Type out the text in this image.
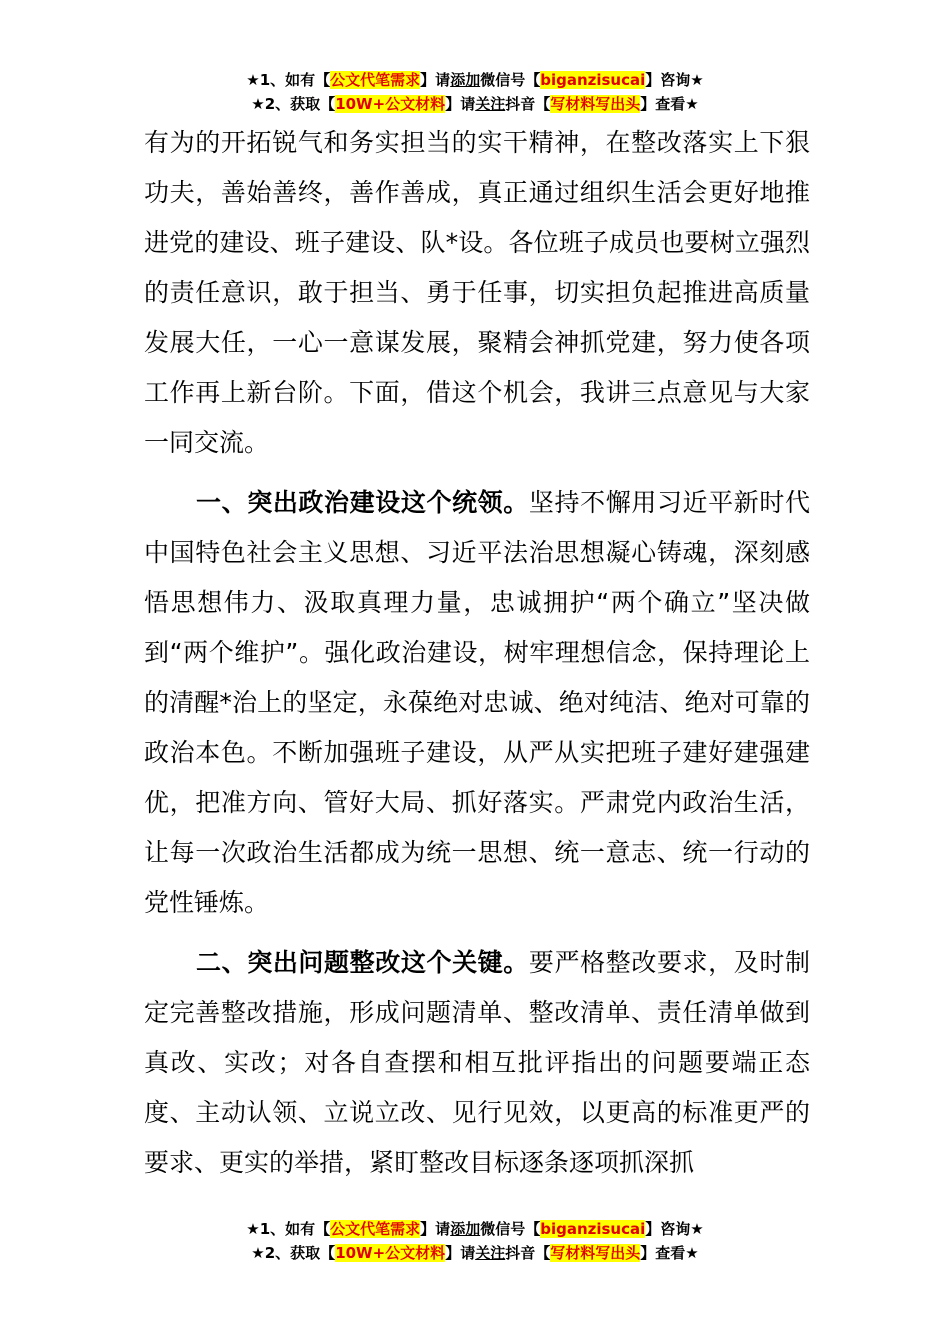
★1、如有【公文代笔需求】请添加微信号【biganzisucai】咨询★
★2、获取【10W+公文材料】请关注抖音【写材料写出头】查看★

有为的开拓锐气和务实担当的实干精神，在整改落实上下狠功夫，善始善终，善作善成，真正通过组织生活会更好地推进党的建设、班子建设、队*设。各位班子成员也要树立强烈的责任意识，敢于担当、勇于任事，切实担负起推进高质量发展大任，一心一意谋发展，聚精会神抓党建，努力使各项工作再上新台阶。下面，借这个机会，我讲三点意见与大家一同交流。

一、突出政治建设这个统领。坚持不懈用习近平新时代中国特色社会主义思想、习近平法治思想凝心铸魂，深刻感悟思想伟力、汲取真理力量，忠诚拥护“两个确立”坚决做到“两个维护”。强化政治建设，树牢理想信念，保持理论上的清醒*治上的坚定，永葆绝对忠诚、绝对纯洁、绝对可靠的政治本色。不断加强班子建设，从严从实把班子建好建强建优，把准方向、管好大局、抓好落实。严肃党内政治生活，让每一次政治生活都成为统一思想、统一意志、统一行动的党性锤炼。

二、突出问题整改这个关键。要严格整改要求，及时制定完善整改措施，形成问题清单、整改清单、责任清单做到真改、实改；对各自查摆和相互批评指出的问题要端正态度、主动认领、立说立改、见行见效，以更高的标准更严的要求、更实的举措，紧盯整改目标逐条逐项抓深抓

★1、如有【公文代笔需求】请添加微信号【biganzisucai】咨询★
★2、获取【10W+公文材料】请关注抖音【写材料写出头】查看★
